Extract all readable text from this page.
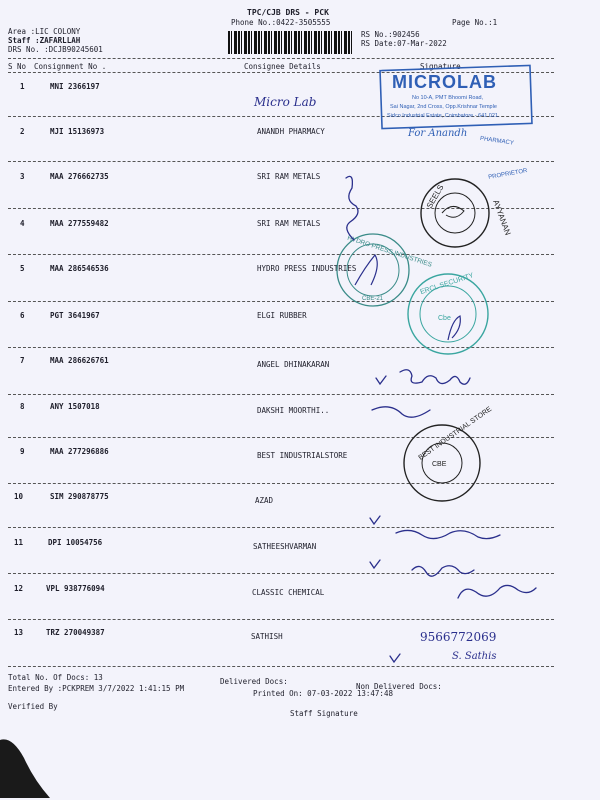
TPC/CJB DRS - PCK
Phone No.:0422-3505555	Page No.:1
Area :LIC COLONY
Staff :ZAFARLLAH
DRS No. :DCJB90245601
RS No.:902456
RS Date:07-Mar-2022
S No Consignment No .	Consignee Details	Signature
1	MNI 2366197
Micro Lab
2	MJI 15136973	ANANDH PHARMACY
3	MAA 276662735	SRI RAM METALS
4	MAA 277559482	SRI RAM METALS
5	MAA 286546536	HYDRO PRESS INDUSTRIES
6	PGT 3641967	ELGI RUBBER
7	MAA 286626761	ANGEL DHINAKARAN
8	ANY 1507018	DAKSHI MOORTHI..
9	MAA 277296886	BEST INDUSTRIALSTORE
10	SIM 290878775	AZAD
11	DPI 10054756	SATHEESHVARMAN
12	VPL 938776094	CLASSIC CHEMICAL
13	TRZ 270049387	SATHISH	9566772069
S. Sathis
Total No. Of Docs: 13	Delivered Docs:
Non Delivered Docs:
Entered By :PCKPREM 3/7/2022 1:41:15 PM
Printed On: 07-03-2022 13:47:48
Verified By
Staff Signature
MICROLAB
No 10-A, PMT Bhoomi Road,
Sai Nagar, 2nd Cross, Opp.Krishnar Temple
Sidco Industrial Estate, Coimbatore - 641 021.
For Anandh
PHARMACY
PROPRIETOR
SEELS
AYYANAN
HYDRO PRESS INDUSTRIES
CBE-21
ERCL SECURITY
Cbe
BEST INDUSTRIAL STORE
CBE
